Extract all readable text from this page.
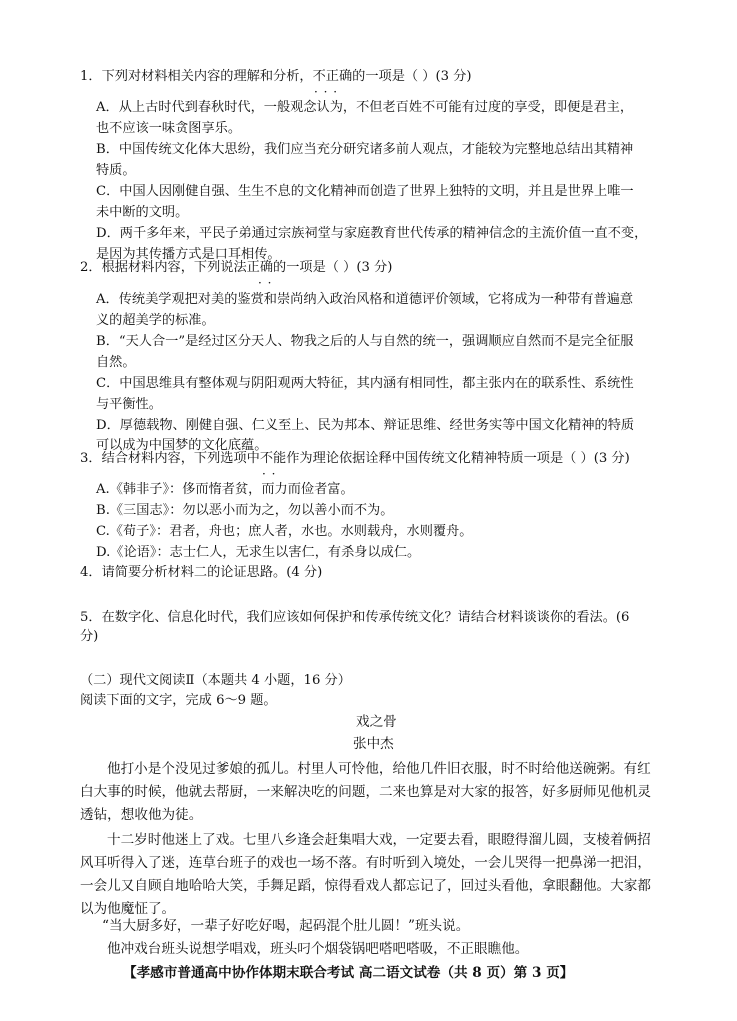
1．下列对材料相关内容的理解和分析，不正确的一项是（ ）(3 分)
· · ·
A．从上古时代到春秋时代，一般观念认为，不但老百姓不可能有过度的享受，即便是君主，
也不应该一味贪图享乐。
B．中国传统文化体大思纷，我们应当充分研究诸多前人观点，才能较为完整地总结出其精神
特质。
C．中国人因刚健自强、生生不息的文化精神而创造了世界上独特的文明，并且是世界上唯一
未中断的文明。
D．两千多年来，平民子弟通过宗族祠堂与家庭教育世代传承的精神信念的主流价值一直不变，
是因为其传播方式是口耳相传。
2．根据材料内容，下列说法正确的一项是（ ）(3 分)
· ·
A．传统美学观把对美的鉴赏和崇尚纳入政治风格和道德评价领域，它将成为一种带有普遍意
义的超美学的标准。
B．“天人合一”是经过区分天人、物我之后的人与自然的统一，强调顺应自然而不是完全征服
自然。
C．中国思维具有整体观与阴阳观两大特征，其内涵有相同性，都主张内在的联系性、系统性
与平衡性。
D．厚德载物、刚健自强、仁义至上、民为邦本、辩证思维、经世务实等中国文化精神的特质
可以成为中国梦的文化底蕴。
3．结合材料内容，下列选项中不能作为理论依据诠释中国传统文化精神特质一项是（ ）(3 分)
· ·
A.《韩非子》：侈而惰者贫，而力而俭者富。
B.《三国志》：勿以恶小而为之，勿以善小而不为。
C.《荀子》：君者，舟也；庶人者，水也。水则载舟，水则覆舟。
D.《论语》：志士仁人，无求生以害仁，有杀身以成仁。
4．请简要分析材料二的论证思路。(4 分)
5．在数字化、信息化时代，我们应该如何保护和传承传统文化？请结合材料谈谈你的看法。(6
分)
（二）现代文阅读Ⅱ（本题共 4 小题，16 分）
阅读下面的文字，完成 6～9 题。
戏之骨
张中杰
他打小是个没见过爹娘的孤儿。村里人可怜他，给他几件旧衣服，时不时给他送碗粥。有红
白大事的时候，他就去帮厨，一来解决吃的问题，二来也算是对大家的报答，好多厨师见他机灵
透钻，想收他为徒。
十二岁时他迷上了戏。七里八乡逢会赶集唱大戏，一定要去看，眼瞪得溜儿圆，支棱着俩招
风耳听得入了迷，连草台班子的戏也一场不落。有时听到入境处，一会儿哭得一把鼻涕一把泪，
一会儿又自顾自地哈哈大笑，手舞足蹈，惊得看戏人都忘记了，回过头看他，拿眼翻他。大家都
以为他魔怔了。
“当大厨多好，一辈子好吃好喝，起码混个肚儿圆！”班头说。
他冲戏台班头说想学唱戏，班头叼个烟袋锅吧嗒吧嗒吸，不正眼瞧他。
【孝感市普通高中协作体期末联合考试 高二语文试卷（共 8 页）第 3 页】
